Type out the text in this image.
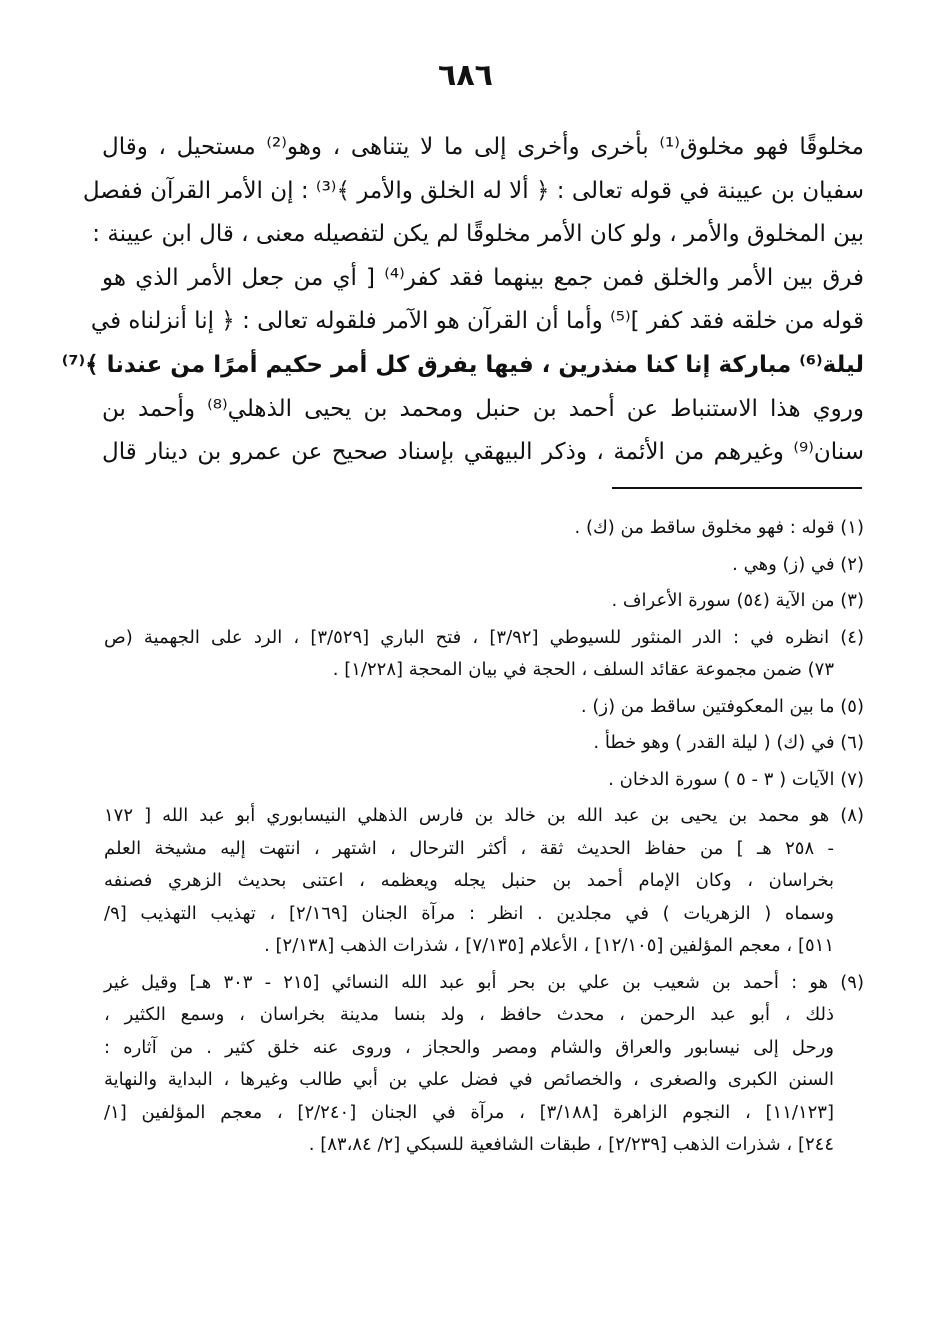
٦٨٦
مخلوقًا فهو مخلوق⁽¹⁾ بأخرى وأخرى إلى ما لا يتناهى ، وهو⁽²⁾ مستحيل ، وقال
سفيان بن عيينة في قوله تعالى : ﴿ ألا له الخلق والأمر ﴾⁽³⁾ : إن الأمر القرآن ففصل
بين المخلوق والأمر ، ولو كان الأمر مخلوقًا لم يكن لتفصيله معنى ، قال ابن عيينة :
فرق بين الأمر والخلق فمن جمع بينهما فقد كفر⁽⁴⁾ [ أي من جعل الأمر الذي هو
قوله من خلقه فقد كفر ]⁽⁵⁾ وأما أن القرآن هو الآمر فلقوله تعالى : ﴿ إنا أنزلناه في
ليلة⁽⁶⁾ مباركة إنا كنا منذرين ، فيها يفرق كل أمر حكيم أمرًا من عندنا ﴾⁽⁷⁾
وروي هذا الاستنباط عن أحمد بن حنبل ومحمد بن يحيى الذهلي⁽⁸⁾ وأحمد بن
سنان⁽⁹⁾ وغيرهم من الأئمة ، وذكر البيهقي بإسناد صحيح عن عمرو بن دينار قال
(١) قوله : فهو مخلوق ساقط من (ك) .
(٢) في (ز) وهي .
(٣) من الآية (٥٤) سورة الأعراف .
(٤) انظره في : الدر المنثور للسيوطي [٣/٩٢] ، فتح الباري [٣/٥٢٩] ، الرد على الجهمية (ص
٧٣) ضمن مجموعة عقائد السلف ، الحجة في بيان المحجة [١/٢٢٨] .
(٥) ما بين المعكوفتين ساقط من (ز) .
(٦) في (ك) ( ليلة القدر ) وهو خطأ .
(٧) الآيات ( ٣ - ٥ ) سورة الدخان .
(٨) هو محمد بن يحيى بن عبد الله بن خالد بن فارس الذهلي النيسابوري أبو عبد الله [ ١٧٢
- ٢٥٨ هـ ] من حفاظ الحديث ثقة ، أكثر الترحال ، اشتهر ، انتهت إليه مشيخة العلم
بخراسان ، وكان الإمام أحمد بن حنبل يجله ويعظمه ، اعتنى بحديث الزهري فصنفه
وسماه ( الزهريات ) في مجلدين . انظر : مرآة الجنان [٢/١٦٩] ، تهذيب التهذيب [٩/
٥١١] ، معجم المؤلفين [١٢/١٠٥] ، الأعلام [٧/١٣٥] ، شذرات الذهب [٢/١٣٨] .
(٩) هو : أحمد بن شعيب بن علي بن بحر أبو عبد الله النسائي [٢١٥ - ٣٠٣ هـ] وقيل غير
ذلك ، أبو عبد الرحمن ، محدث حافظ ، ولد بنسا مدينة بخراسان ، وسمع الكثير ،
ورحل إلى نيسابور والعراق والشام ومصر والحجاز ، وروى عنه خلق كثير . من آثاره :
السنن الكبرى والصغرى ، والخصائص في فضل علي بن أبي طالب وغيرها ، البداية والنهاية
[١١/١٢٣] ، النجوم الزاهرة [٣/١٨٨] ، مرآة في الجنان [٢/٢٤٠] ، معجم المؤلفين [١/
٢٤٤] ، شذرات الذهب [٢/٢٣٩] ، طبقات الشافعية للسبكي [٢/ ٨٣،٨٤] .
